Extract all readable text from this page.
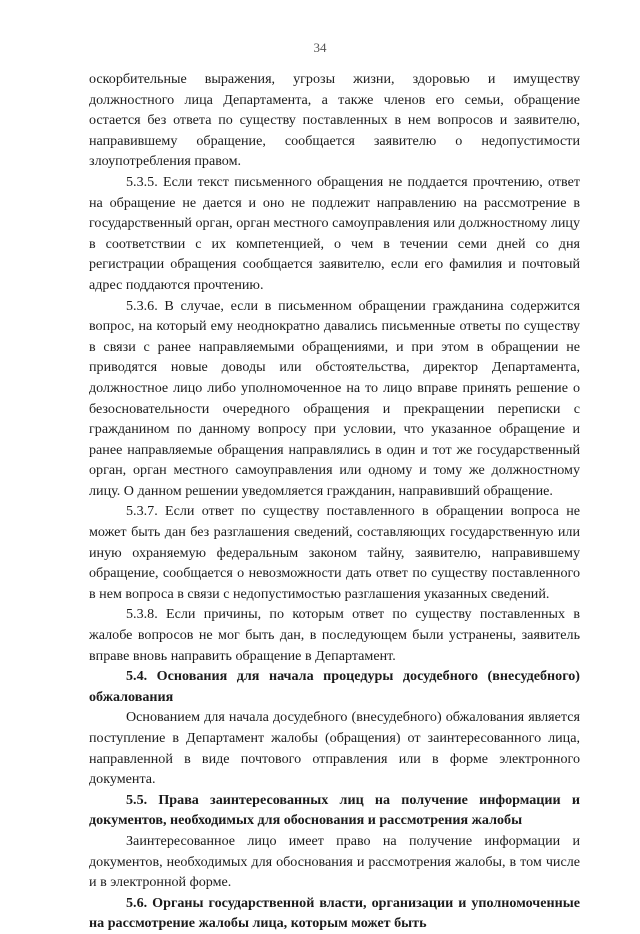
34

оскорбительные выражения, угрозы жизни, здоровью и имуществу должностного лица Департамента, а также членов его семьи, обращение остается без ответа по существу поставленных в нем вопросов и заявителю, направившему обращение, сообщается заявителю о недопустимости злоупотребления правом.

5.3.5. Если текст письменного обращения не поддается прочтению, ответ на обращение не дается и оно не подлежит направлению на рассмотрение в государственный орган, орган местного самоуправления или должностному лицу в соответствии с их компетенцией, о чем в течении семи дней со дня регистрации обращения сообщается заявителю, если его фамилия и почтовый адрес поддаются прочтению.

5.3.6. В случае, если в письменном обращении гражданина содержится вопрос, на который ему неоднократно давались письменные ответы по существу в связи с ранее направляемыми обращениями, и при этом в обращении не приводятся новые доводы или обстоятельства, директор Департамента, должностное лицо либо уполномоченное на то лицо вправе принять решение о безосновательности очередного обращения и прекращении переписки с гражданином по данному вопросу при условии, что указанное обращение и ранее направляемые обращения направлялись в один и тот же государственный орган, орган местного самоуправления или одному и тому же должностному лицу. О данном решении уведомляется гражданин, направивший обращение.

5.3.7. Если ответ по существу поставленного в обращении вопроса не может быть дан без разглашения сведений, составляющих государственную или иную охраняемую федеральным законом тайну, заявителю, направившему обращение, сообщается о невозможности дать ответ по существу поставленного в нем вопроса в связи с недопустимостью разглашения указанных сведений.

5.3.8. Если причины, по которым ответ по существу поставленных в жалобе вопросов не мог быть дан, в последующем были устранены, заявитель вправе вновь направить обращение в Департамент.

5.4. Основания для начала процедуры досудебного (внесудебного) обжалования

Основанием для начала досудебного (внесудебного) обжалования является поступление в Департамент жалобы (обращения) от заинтересованного лица, направленной в виде почтового отправления или в форме электронного документа.

5.5. Права заинтересованных лиц на получение информации и документов, необходимых для обоснования и рассмотрения жалобы

Заинтересованное лицо имеет право на получение информации и документов, необходимых для обоснования и рассмотрения жалобы, в том числе и в электронной форме.

5.6. Органы государственной власти, организации и уполномоченные на рассмотрение жалобы лица, которым может быть
